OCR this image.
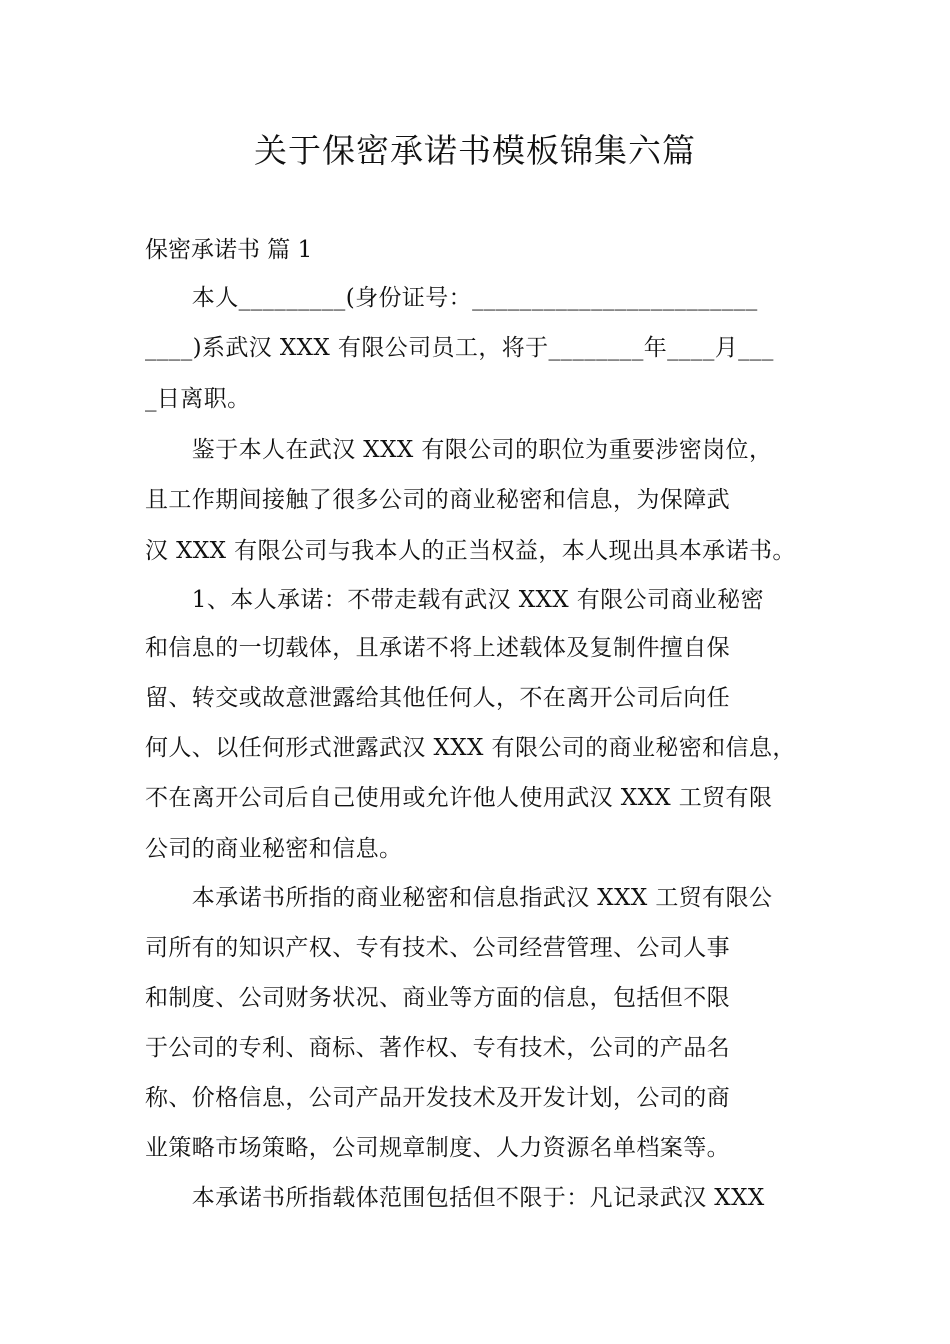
关于保密承诺书模板锦集六篇
保密承诺书 篇 1
　　本人_________(身份证号：________________________
____)系武汉 XXX 有限公司员工，将于________年____月___
_日离职。
　　鉴于本人在武汉 XXX 有限公司的职位为重要涉密岗位，
且工作期间接触了很多公司的商业秘密和信息，为保障武
汉 XXX 有限公司与我本人的正当权益，本人现出具本承诺书。
　　1、本人承诺：不带走载有武汉 XXX 有限公司商业秘密
和信息的一切载体，且承诺不将上述载体及复制件擅自保
留、转交或故意泄露给其他任何人，不在离开公司后向任
何人、以任何形式泄露武汉 XXX 有限公司的商业秘密和信息，
不在离开公司后自己使用或允许他人使用武汉 XXX 工贸有限
公司的商业秘密和信息。
　　本承诺书所指的商业秘密和信息指武汉 XXX 工贸有限公
司所有的知识产权、专有技术、公司经营管理、公司人事
和制度、公司财务状况、商业等方面的信息，包括但不限
于公司的专利、商标、著作权、专有技术，公司的产品名
称、价格信息，公司产品开发技术及开发计划，公司的商
业策略市场策略，公司规章制度、人力资源名单档案等。
　　本承诺书所指载体范围包括但不限于：凡记录武汉 XXX
